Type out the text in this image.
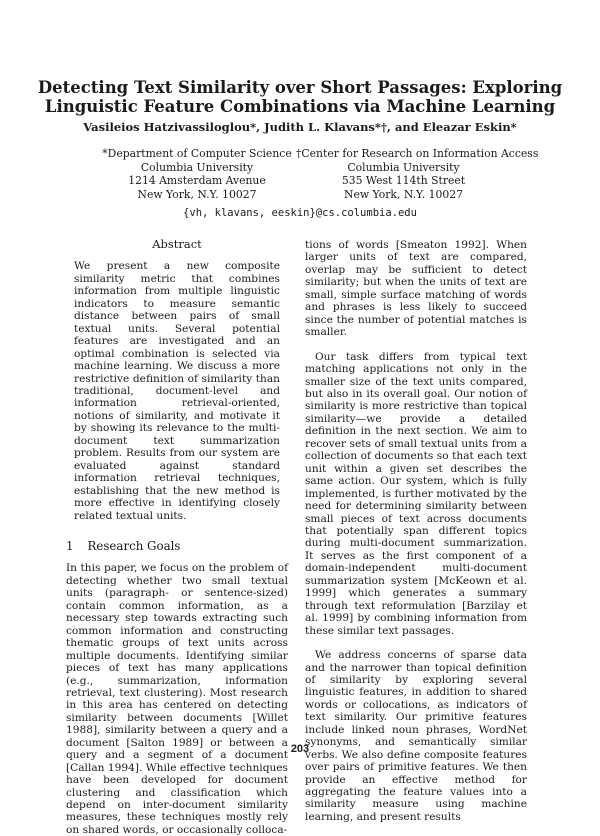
Detecting Text Similarity over Short Passages: Exploring
Linguistic Feature Combinations via Machine Learning
Vasileios Hatzivassiloglou*, Judith L. Klavans*†, and Eleazar Eskin*
*Department of Computer Science
Columbia University
1214 Amsterdam Avenue
New York, N.Y. 10027
†Center for Research on Information Access
Columbia University
535 West 114th Street
New York, N.Y. 10027
{vh, klavans, eeskin}@cs.columbia.edu
Abstract

We present a new composite similarity metric that combines information from multiple linguistic indicators to measure semantic distance between pairs of small textual units. Several potential features are investigated and an optimal combination is selected via machine learning. We discuss a more restrictive definition of similarity than traditional, document-level and information retrieval-oriented, notions of similarity, and motivate it by showing its relevance to the multi-document text summarization problem. Results from our system are evaluated against standard information retrieval techniques, establishing that the new method is more effective in identifying closely related textual units.

1 Research Goals

In this paper, we focus on the problem of detecting whether two small textual units (paragraph- or sentence-sized) contain common information, as a necessary step towards extracting such common information and constructing thematic groups of text units across multiple documents. Identifying similar pieces of text has many applications (e.g., summarization, information retrieval, text clustering). Most research in this area has centered on detecting similarity between documents [Willet 1988], similarity between a query and a document [Salton 1989] or between a query and a segment of a document [Callan 1994]. While effective techniques have been developed for document clustering and classification which depend on inter-document similarity measures, these techniques mostly rely on shared words, or occasionally colloca-

tions of words [Smeaton 1992]. When larger units of text are compared, overlap may be sufficient to detect similarity; but when the units of text are small, simple surface matching of words and phrases is less likely to succeed since the number of potential matches is smaller.

Our task differs from typical text matching applications not only in the smaller size of the text units compared, but also in its overall goal. Our notion of similarity is more restrictive than topical similarity—we provide a detailed definition in the next section. We aim to recover sets of small textual units from a collection of documents so that each text unit within a given set describes the same action. Our system, which is fully implemented, is further motivated by the need for determining similarity between small pieces of text across documents that potentially span different topics during multi-document summarization. It serves as the first component of a domain-independent multi-document summarization system [McKeown et al. 1999] which generates a summary through text reformulation [Barzilay et al. 1999] by combining information from these similar text passages.

We address concerns of sparse data and the narrower than topical definition of similarity by exploring several linguistic features, in addition to shared words or collocations, as indicators of text similarity. Our primitive features include linked noun phrases, WordNet synonyms, and semantically similar verbs. We also define composite features over pairs of primitive features. We then provide an effective method for aggregating the feature values into a similarity measure using machine learning, and present results

203
